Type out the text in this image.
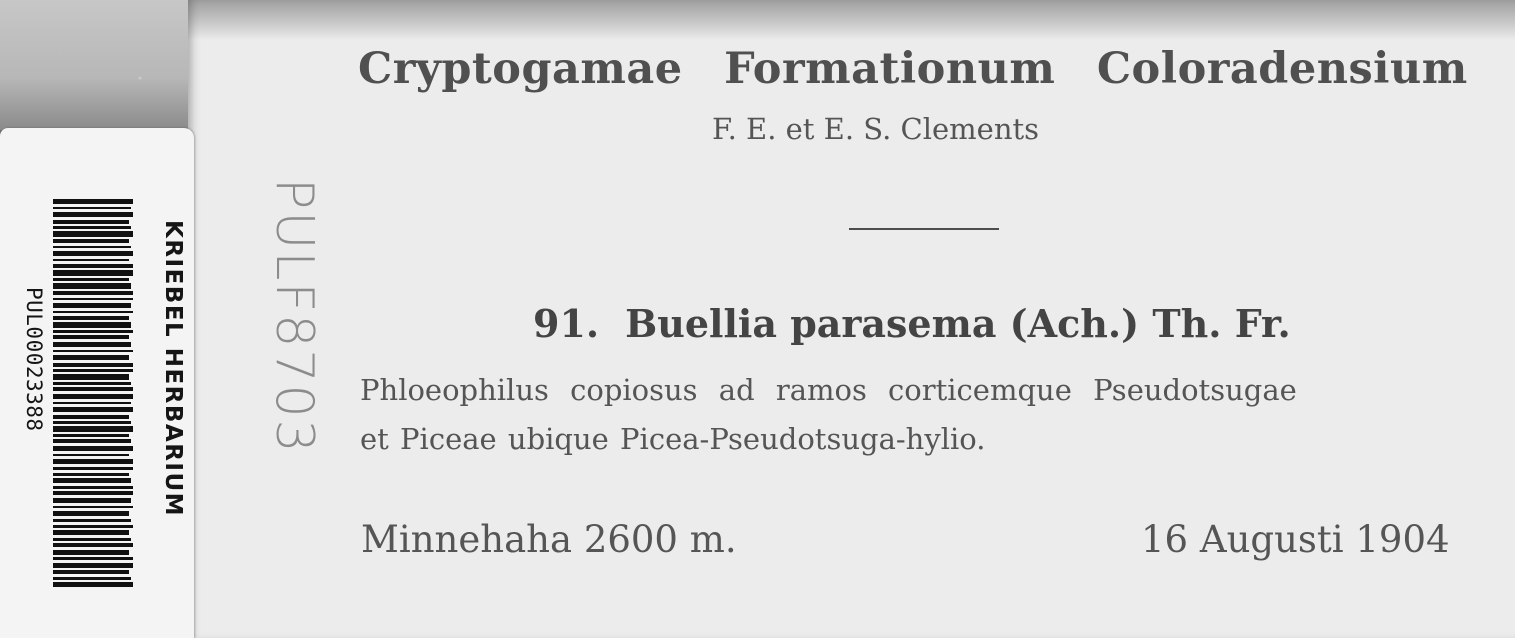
KRIEBEL HERBARIUM
PUL00023388	PULF8703
Cryptogamae Formationum Coloradensium
F. E. et E. S. Clements
91. Buellia parasema (Ach.) Th. Fr.
Phloeophilus copiosus ad ramos corticemque Pseudotsugae
et Piceae ubique Picea-Pseudotsuga-hylio.
Minnehaha 2600 m.	16 Augusti 1904
